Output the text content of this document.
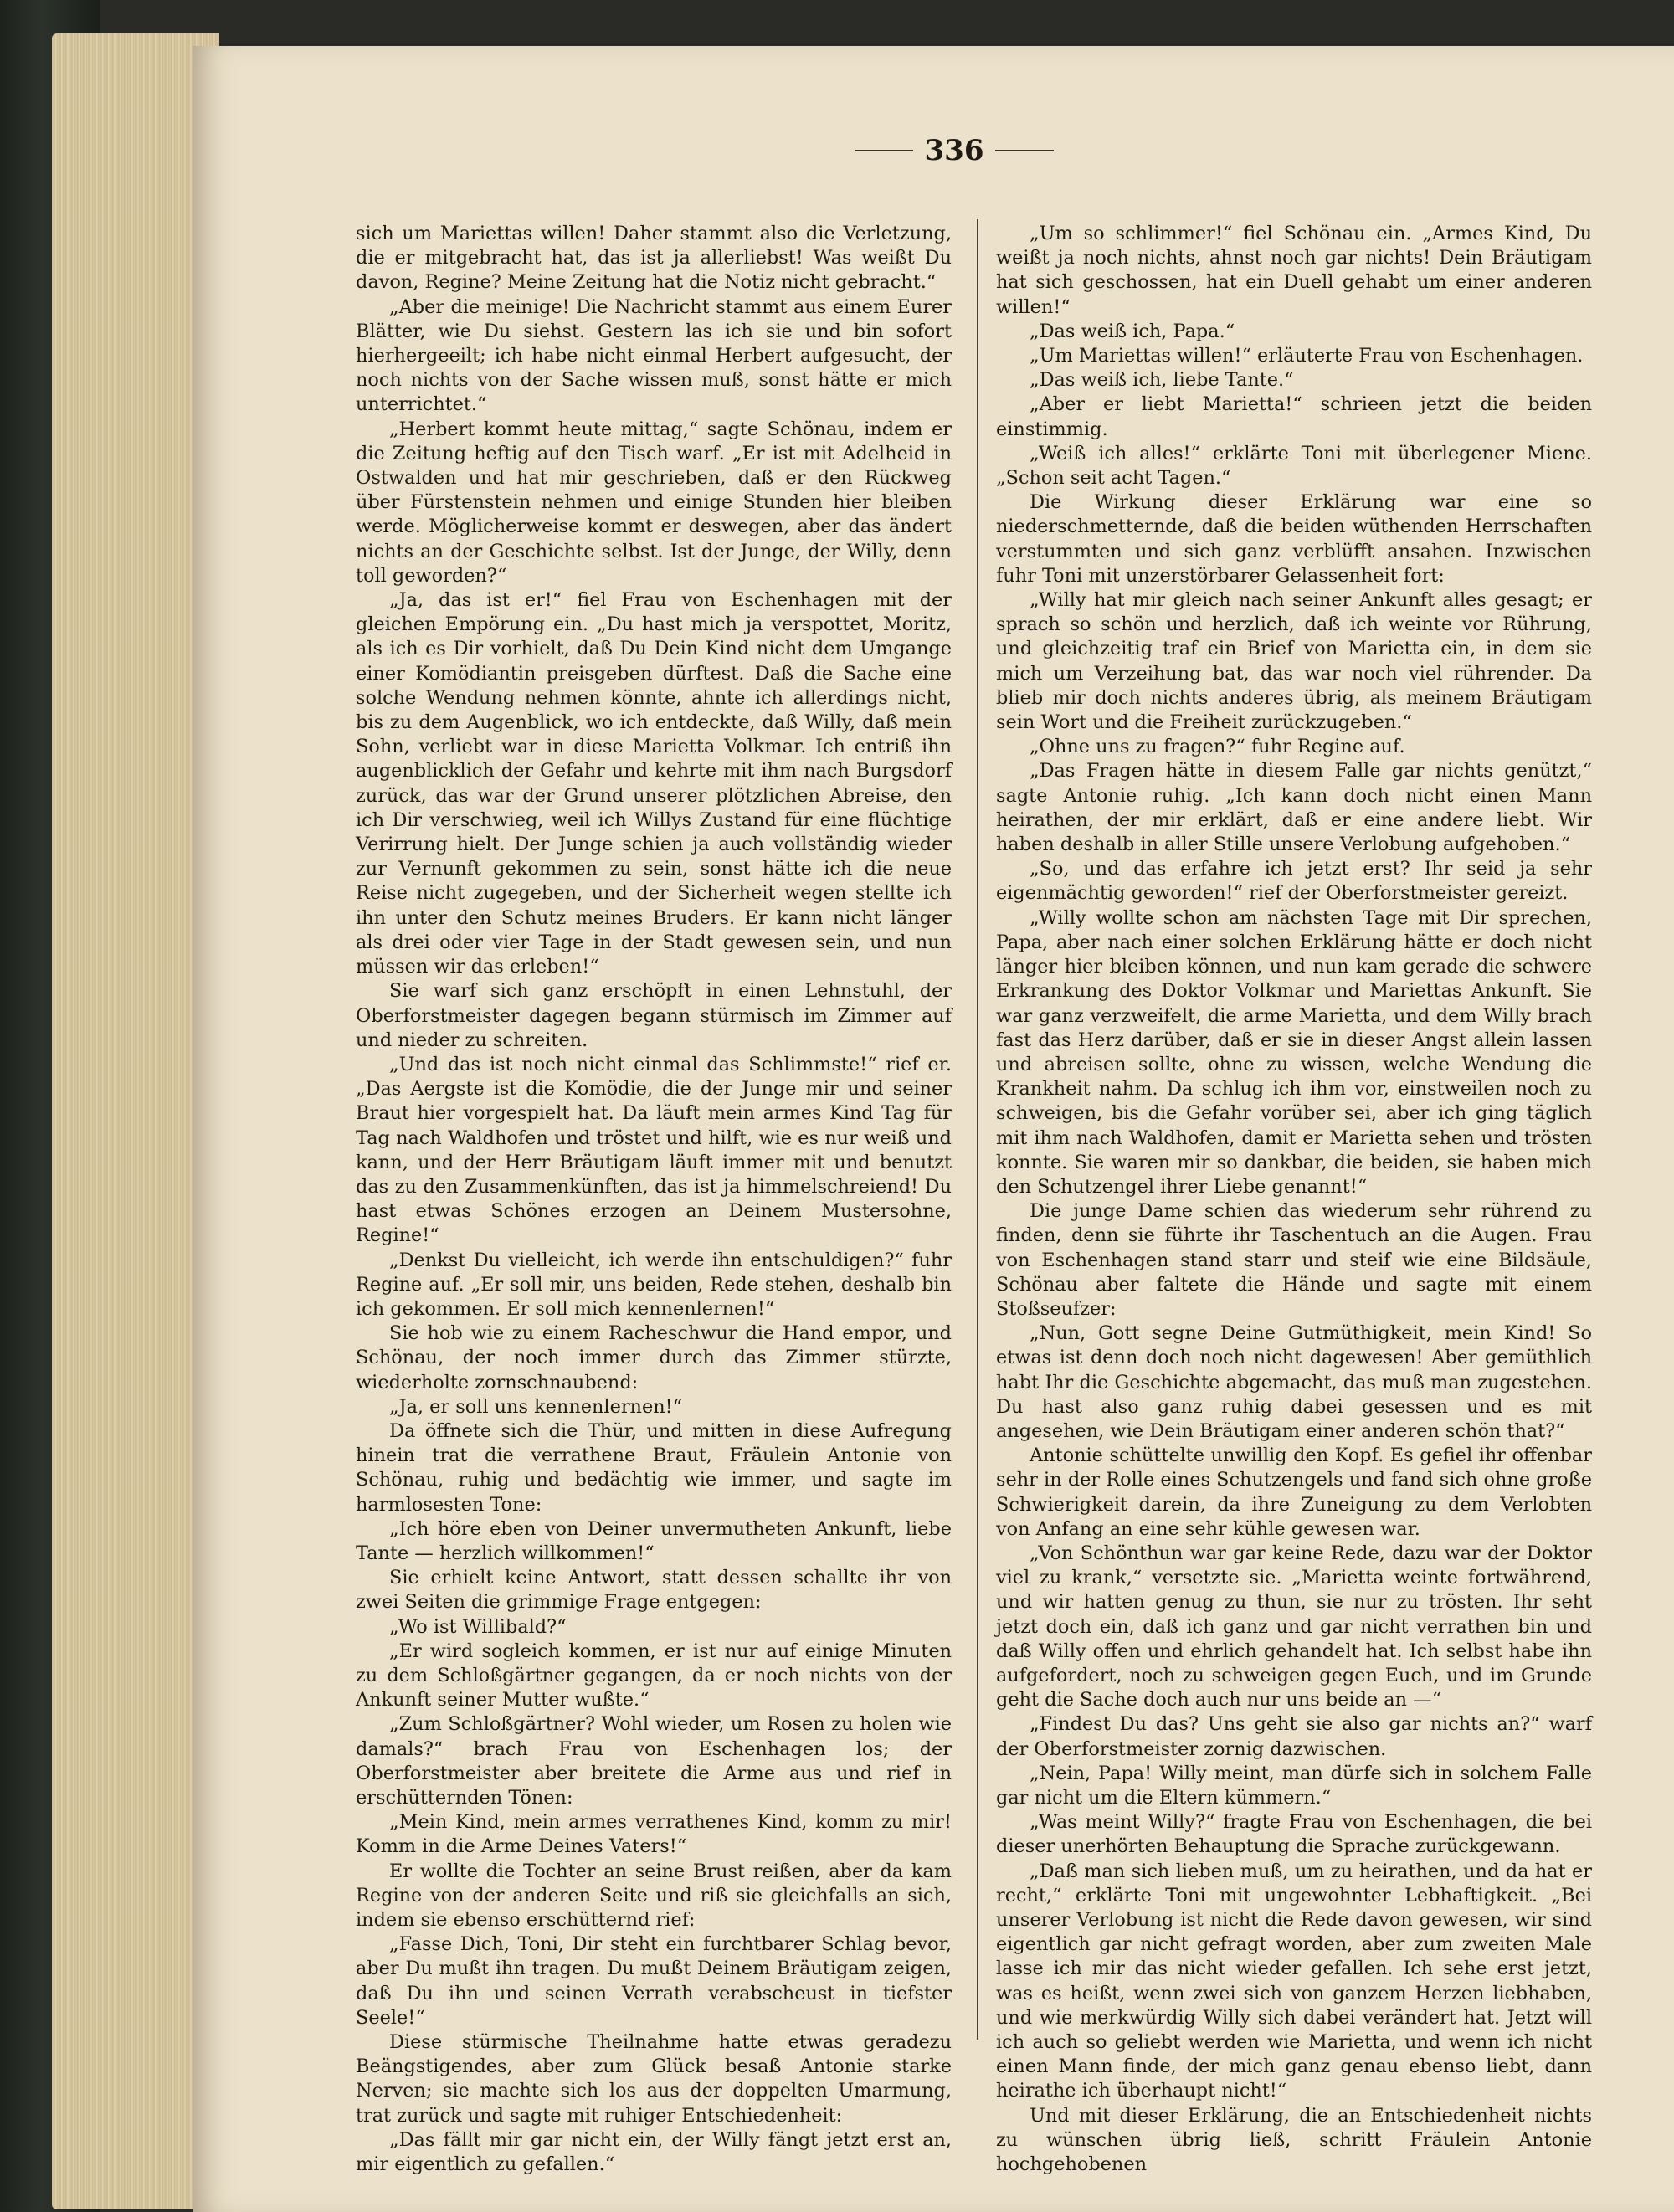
336

sich um Mariettas willen! Daher stammt also die Verletzung, die er mitgebracht hat, das ist ja allerliebst! Was weißt Du davon, Regine? Meine Zeitung hat die Notiz nicht gebracht.“

„Aber die meinige! Die Nachricht stammt aus einem Eurer Blätter, wie Du siehst. Gestern las ich sie und bin sofort hierhergeeilt; ich habe nicht einmal Herbert aufgesucht, der noch nichts von der Sache wissen muß, sonst hätte er mich unterrichtet.“

„Herbert kommt heute mittag,“ sagte Schönau, indem er die Zeitung heftig auf den Tisch warf. „Er ist mit Adelheid in Ostwalden und hat mir geschrieben, daß er den Rückweg über Fürstenstein nehmen und einige Stunden hier bleiben werde. Möglicherweise kommt er deswegen, aber das ändert nichts an der Geschichte selbst. Ist der Junge, der Willy, denn toll geworden?“

„Ja, das ist er!“ fiel Frau von Eschenhagen mit der gleichen Empörung ein. „Du hast mich ja verspottet, Moritz, als ich es Dir vorhielt, daß Du Dein Kind nicht dem Umgange einer Komödiantin preisgeben dürftest. Daß die Sache eine solche Wendung nehmen könnte, ahnte ich allerdings nicht, bis zu dem Augenblick, wo ich entdeckte, daß Willy, daß mein Sohn, verliebt war in diese Marietta Volkmar. Ich entriß ihn augenblicklich der Gefahr und kehrte mit ihm nach Burgsdorf zurück, das war der Grund unserer plötzlichen Abreise, den ich Dir verschwieg, weil ich Willys Zustand für eine flüchtige Verirrung hielt. Der Junge schien ja auch vollständig wieder zur Vernunft gekommen zu sein, sonst hätte ich die neue Reise nicht zugegeben, und der Sicherheit wegen stellte ich ihn unter den Schutz meines Bruders. Er kann nicht länger als drei oder vier Tage in der Stadt gewesen sein, und nun müssen wir das erleben!“

Sie warf sich ganz erschöpft in einen Lehnstuhl, der Oberforstmeister dagegen begann stürmisch im Zimmer auf und nieder zu schreiten.

„Und das ist noch nicht einmal das Schlimmste!“ rief er. „Das Aergste ist die Komödie, die der Junge mir und seiner Braut hier vorgespielt hat. Da läuft mein armes Kind Tag für Tag nach Waldhofen und tröstet und hilft, wie es nur weiß und kann, und der Herr Bräutigam läuft immer mit und benutzt das zu den Zusammenkünften, das ist ja himmelschreiend! Du hast etwas Schönes erzogen an Deinem Mustersohne, Regine!“

„Denkst Du vielleicht, ich werde ihn entschuldigen?“ fuhr Regine auf. „Er soll mir, uns beiden, Rede stehen, deshalb bin ich gekommen. Er soll mich kennenlernen!“

Sie hob wie zu einem Racheschwur die Hand empor, und Schönau, der noch immer durch das Zimmer stürzte, wiederholte zornschnaubend:

„Ja, er soll uns kennenlernen!“

Da öffnete sich die Thür, und mitten in diese Aufregung hinein trat die verrathene Braut, Fräulein Antonie von Schönau, ruhig und bedächtig wie immer, und sagte im harmlosesten Tone:

„Ich höre eben von Deiner unvermutheten Ankunft, liebe Tante — herzlich willkommen!“

Sie erhielt keine Antwort, statt dessen schallte ihr von zwei Seiten die grimmige Frage entgegen:

„Wo ist Willibald?“

„Er wird sogleich kommen, er ist nur auf einige Minuten zu dem Schloßgärtner gegangen, da er noch nichts von der Ankunft seiner Mutter wußte.“

„Zum Schloßgärtner? Wohl wieder, um Rosen zu holen wie damals?“ brach Frau von Eschenhagen los; der Oberforstmeister aber breitete die Arme aus und rief in erschütternden Tönen:

„Mein Kind, mein armes verrathenes Kind, komm zu mir! Komm in die Arme Deines Vaters!“

Er wollte die Tochter an seine Brust reißen, aber da kam Regine von der anderen Seite und riß sie gleichfalls an sich, indem sie ebenso erschütternd rief:

„Fasse Dich, Toni, Dir steht ein furchtbarer Schlag bevor, aber Du mußt ihn tragen. Du mußt Deinem Bräutigam zeigen, daß Du ihn und seinen Verrath verabscheust in tiefster Seele!“

Diese stürmische Theilnahme hatte etwas geradezu Beängstigendes, aber zum Glück besaß Antonie starke Nerven; sie machte sich los aus der doppelten Umarmung, trat zurück und sagte mit ruhiger Entschiedenheit:

„Das fällt mir gar nicht ein, der Willy fängt jetzt erst an, mir eigentlich zu gefallen.“

„Um so schlimmer!“ fiel Schönau ein. „Armes Kind, Du weißt ja noch nichts, ahnst noch gar nichts! Dein Bräutigam hat sich geschossen, hat ein Duell gehabt um einer anderen willen!“

„Das weiß ich, Papa.“

„Um Mariettas willen!“ erläuterte Frau von Eschenhagen.

„Das weiß ich, liebe Tante.“

„Aber er liebt Marietta!“ schrieen jetzt die beiden einstimmig.

„Weiß ich alles!“ erklärte Toni mit überlegener Miene. „Schon seit acht Tagen.“

Die Wirkung dieser Erklärung war eine so niederschmetternde, daß die beiden wüthenden Herrschaften verstummten und sich ganz verblüfft ansahen. Inzwischen fuhr Toni mit unzerstörbarer Gelassenheit fort:

„Willy hat mir gleich nach seiner Ankunft alles gesagt; er sprach so schön und herzlich, daß ich weinte vor Rührung, und gleichzeitig traf ein Brief von Marietta ein, in dem sie mich um Verzeihung bat, das war noch viel rührender. Da blieb mir doch nichts anderes übrig, als meinem Bräutigam sein Wort und die Freiheit zurückzugeben.“

„Ohne uns zu fragen?“ fuhr Regine auf.

„Das Fragen hätte in diesem Falle gar nichts genützt,“ sagte Antonie ruhig. „Ich kann doch nicht einen Mann heirathen, der mir erklärt, daß er eine andere liebt. Wir haben deshalb in aller Stille unsere Verlobung aufgehoben.“

„So, und das erfahre ich jetzt erst? Ihr seid ja sehr eigenmächtig geworden!“ rief der Oberforstmeister gereizt.

„Willy wollte schon am nächsten Tage mit Dir sprechen, Papa, aber nach einer solchen Erklärung hätte er doch nicht länger hier bleiben können, und nun kam gerade die schwere Erkrankung des Doktor Volkmar und Mariettas Ankunft. Sie war ganz verzweifelt, die arme Marietta, und dem Willy brach fast das Herz darüber, daß er sie in dieser Angst allein lassen und abreisen sollte, ohne zu wissen, welche Wendung die Krankheit nahm. Da schlug ich ihm vor, einstweilen noch zu schweigen, bis die Gefahr vorüber sei, aber ich ging täglich mit ihm nach Waldhofen, damit er Marietta sehen und trösten konnte. Sie waren mir so dankbar, die beiden, sie haben mich den Schutzengel ihrer Liebe genannt!“

Die junge Dame schien das wiederum sehr rührend zu finden, denn sie führte ihr Taschentuch an die Augen. Frau von Eschenhagen stand starr und steif wie eine Bildsäule, Schönau aber faltete die Hände und sagte mit einem Stoßseufzer:

„Nun, Gott segne Deine Gutmüthigkeit, mein Kind! So etwas ist denn doch noch nicht dagewesen! Aber gemüthlich habt Ihr die Geschichte abgemacht, das muß man zugestehen. Du hast also ganz ruhig dabei gesessen und es mit angesehen, wie Dein Bräutigam einer anderen schön that?“

Antonie schüttelte unwillig den Kopf. Es gefiel ihr offenbar sehr in der Rolle eines Schutzengels und fand sich ohne große Schwierigkeit darein, da ihre Zuneigung zu dem Verlobten von Anfang an eine sehr kühle gewesen war.

„Von Schönthun war gar keine Rede, dazu war der Doktor viel zu krank,“ versetzte sie. „Marietta weinte fortwährend, und wir hatten genug zu thun, sie nur zu trösten. Ihr seht jetzt doch ein, daß ich ganz und gar nicht verrathen bin und daß Willy offen und ehrlich gehandelt hat. Ich selbst habe ihn aufgefordert, noch zu schweigen gegen Euch, und im Grunde geht die Sache doch auch nur uns beide an —“

„Findest Du das? Uns geht sie also gar nichts an?“ warf der Oberforstmeister zornig dazwischen.

„Nein, Papa! Willy meint, man dürfe sich in solchem Falle gar nicht um die Eltern kümmern.“

„Was meint Willy?“ fragte Frau von Eschenhagen, die bei dieser unerhörten Behauptung die Sprache zurückgewann.

„Daß man sich lieben muß, um zu heirathen, und da hat er recht,“ erklärte Toni mit ungewohnter Lebhaftigkeit. „Bei unserer Verlobung ist nicht die Rede davon gewesen, wir sind eigentlich gar nicht gefragt worden, aber zum zweiten Male lasse ich mir das nicht wieder gefallen. Ich sehe erst jetzt, was es heißt, wenn zwei sich von ganzem Herzen liebhaben, und wie merkwürdig Willy sich dabei verändert hat. Jetzt will ich auch so geliebt werden wie Marietta, und wenn ich nicht einen Mann finde, der mich ganz genau ebenso liebt, dann heirathe ich überhaupt nicht!“

Und mit dieser Erklärung, die an Entschiedenheit nichts zu wünschen übrig ließ, schritt Fräulein Antonie hochgehobenen
